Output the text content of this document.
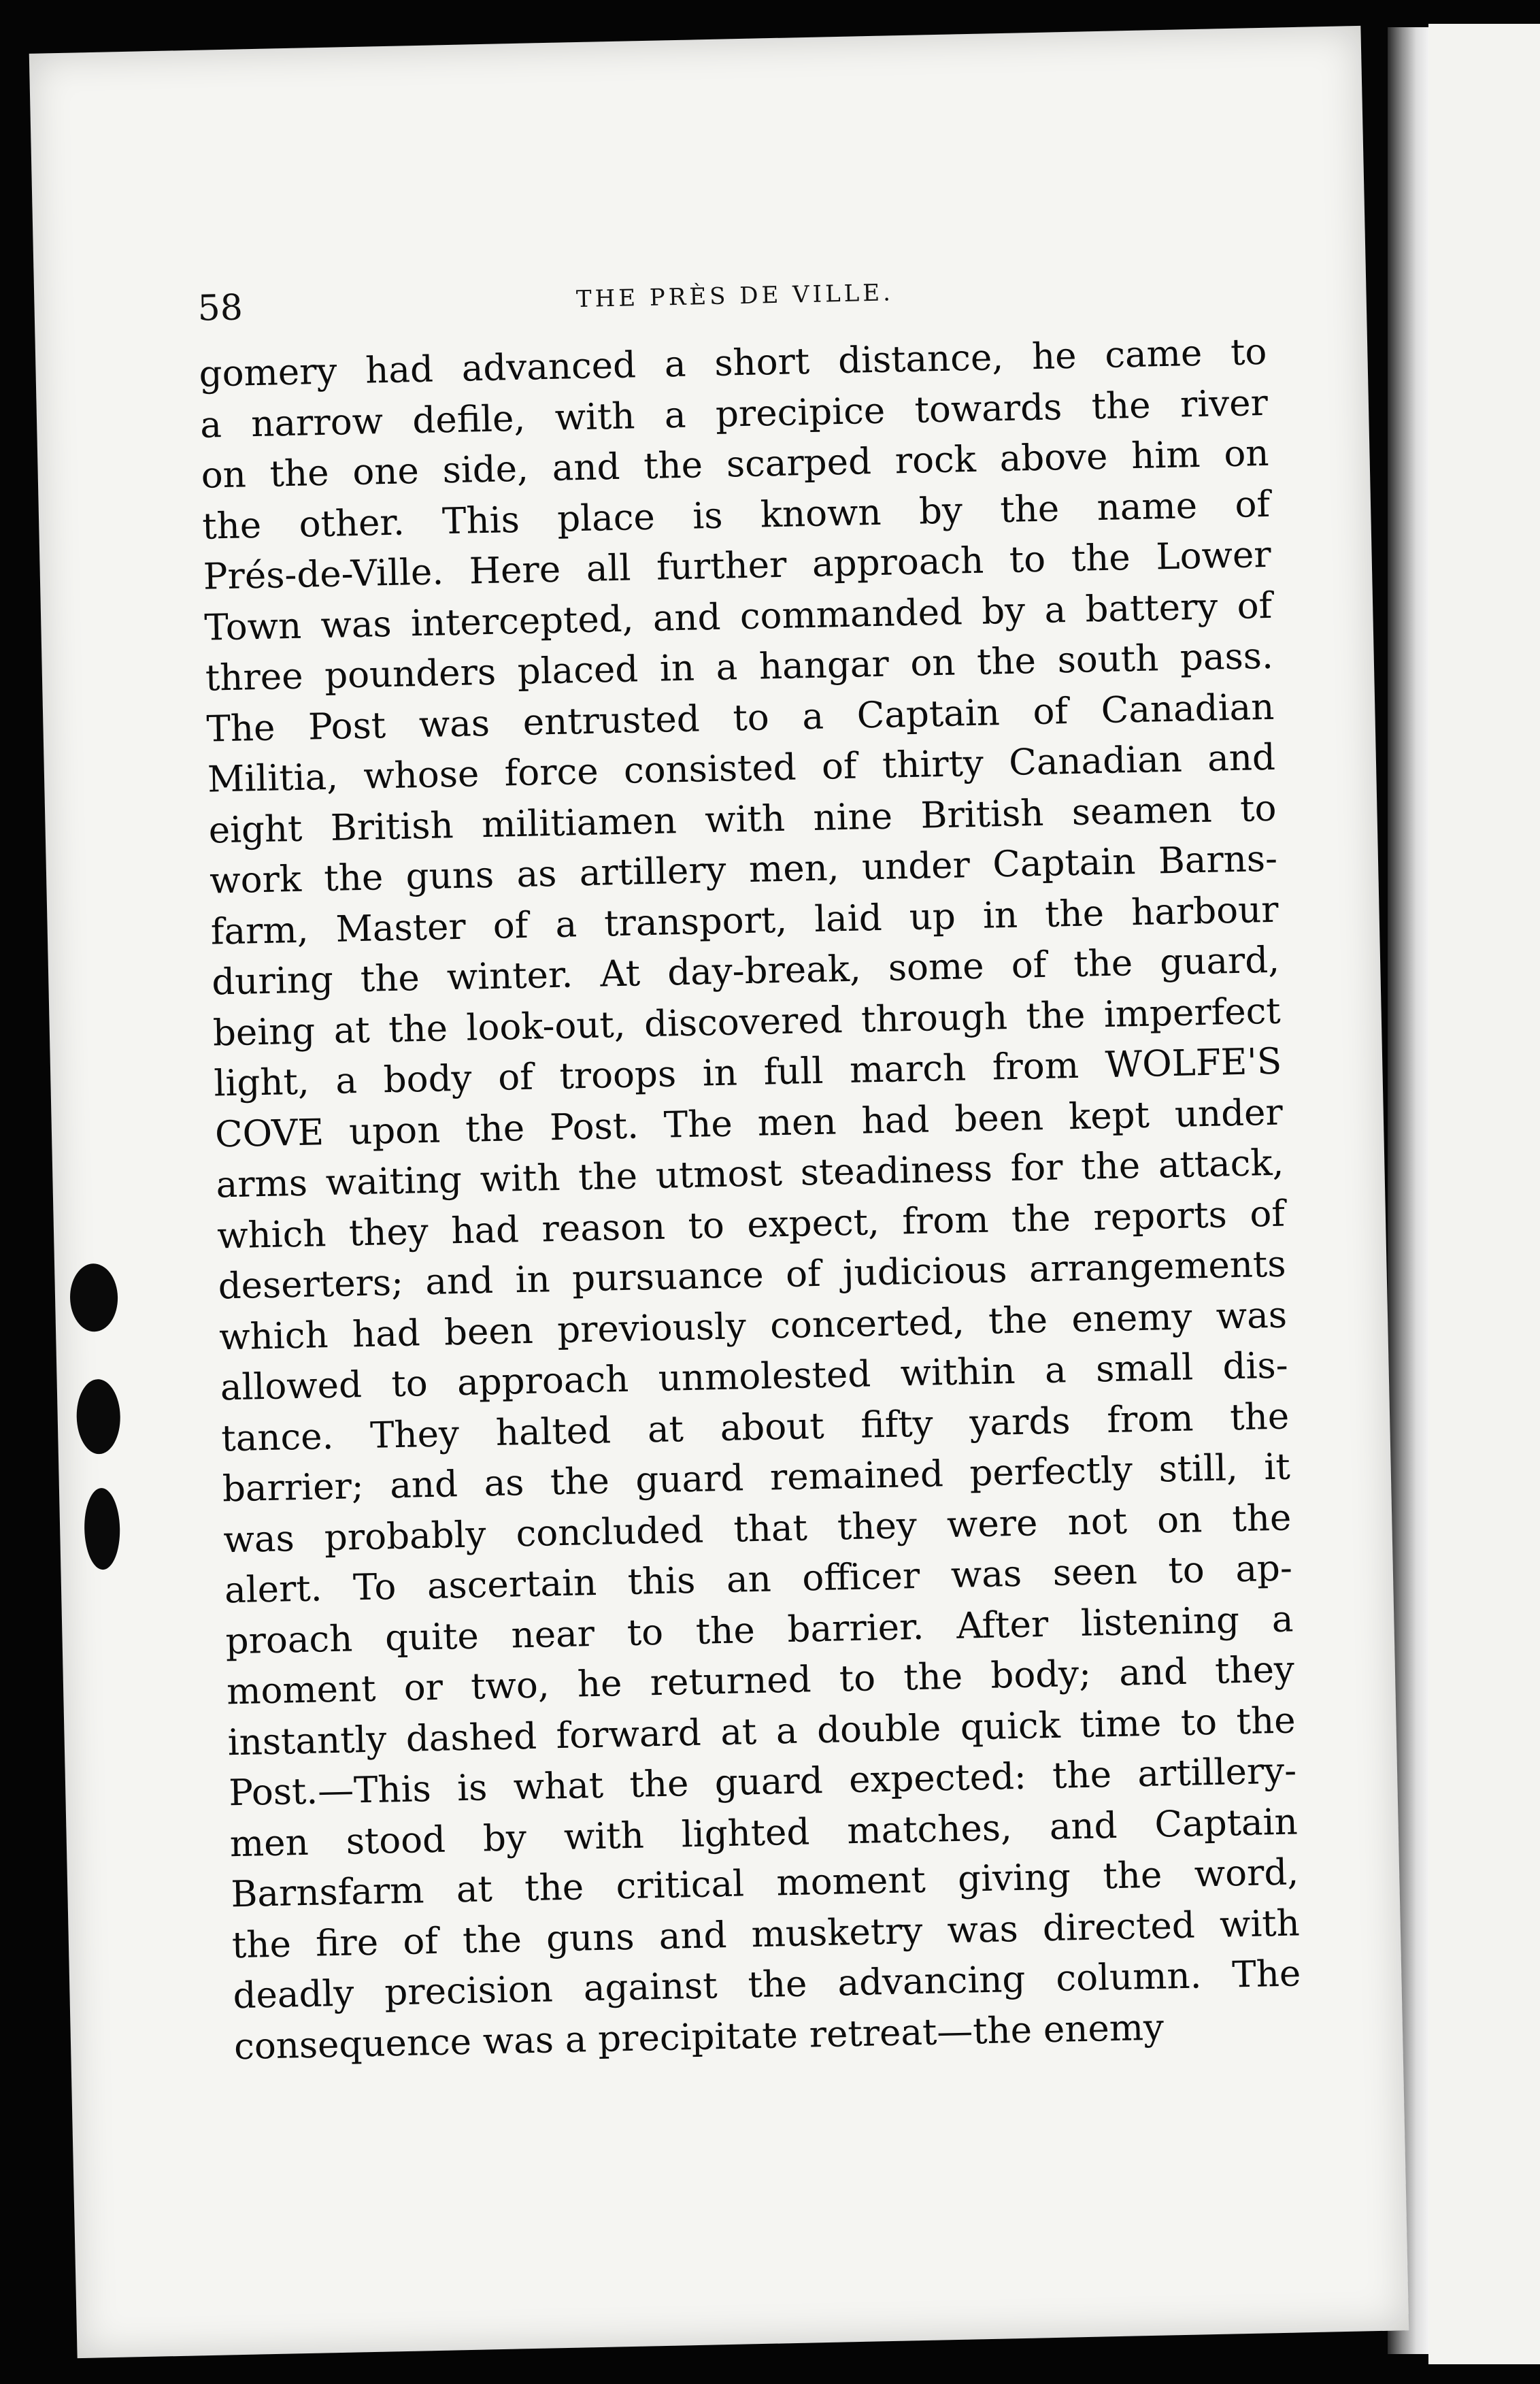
58	THE PRÈS DE VILLE.
gomery had advanced a short distance, he came to
a narrow defile, with a precipice towards the river
on the one side, and the scarped rock above him on
the other. This place is known by the name of
Prés-de-Ville. Here all further approach to the Lower
Town was intercepted, and commanded by a battery of
three pounders placed in a hangar on the south pass.
The Post was entrusted to a Captain of Canadian
Militia, whose force consisted of thirty Canadian and
eight British militiamen with nine British seamen to
work the guns as artillery men, under Captain Barns-
farm, Master of a transport, laid up in the harbour
during the winter. At day-break, some of the guard,
being at the look-out, discovered through the imperfect
light, a body of troops in full march from WOLFE'S
COVE upon the Post. The men had been kept under
arms waiting with the utmost steadiness for the attack,
which they had reason to expect, from the reports of
deserters; and in pursuance of judicious arrangements
which had been previously concerted, the enemy was
allowed to approach unmolested within a small dis-
tance. They halted at about fifty yards from the
barrier; and as the guard remained perfectly still, it
was probably concluded that they were not on the
alert. To ascertain this an officer was seen to ap-
proach quite near to the barrier. After listening a
moment or two, he returned to the body; and they
instantly dashed forward at a double quick time to the
Post.—This is what the guard expected: the artillery-
men stood by with lighted matches, and Captain
Barnsfarm at the critical moment giving the word,
the fire of the guns and musketry was directed with
deadly precision against the advancing column. The
consequence was a precipitate retreat—the enemy
